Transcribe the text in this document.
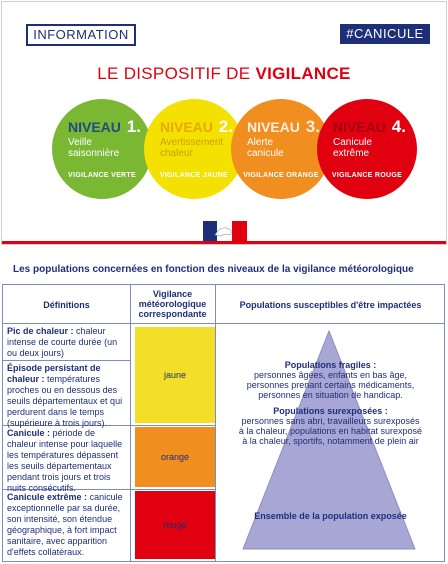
INFORMATION	#CANICULE
LE DISPOSITIF DE VIGILANCE
NIVEAU 1.
Veille
saisonnière
VIGILANCE VERTE
NIVEAU 2.
Avertissement
chaleur
VIGILANCE JAUNE
NIVEAU 3.
Alerte
canicule
VIGILANCE ORANGE
NIVEAU 4.
Canicule
extrême
VIGILANCE ROUGE
Les populations concernées en fonction des niveaux de la vigilance météorologique
Définitions
Vigilance
météorologique
correspondante
Populations susceptibles d'être impactées
Pic de chaleur : chaleur intense de courte durée (un ou deux jours)
Épisode persistant de chaleur : températures proches ou en dessous des seuils départementaux et qui perdurent dans le temps (supérieure à trois jours).
Canicule : période de chaleur intense pour laquelle les températures dépassent les seuils départementaux pendant trois jours et trois nuits consécutifs.
Canicule extrême : canicule exceptionnelle par sa durée, son intensité, son étendue géographique, à fort impact sanitaire, avec apparition d'effets collatéraux.
jaune
orange
rouge
Populations fragiles :
personnes âgées, enfants en bas âge,
personnes prenant certains médicaments,
personnes en situation de handicap.
Populations surexposées :
personnes sans abri, travailleurs surexposés
à la chaleur, populations en habitat surexposé
à la chaleur, sportifs, notamment de plein air
Ensemble de la population exposée
